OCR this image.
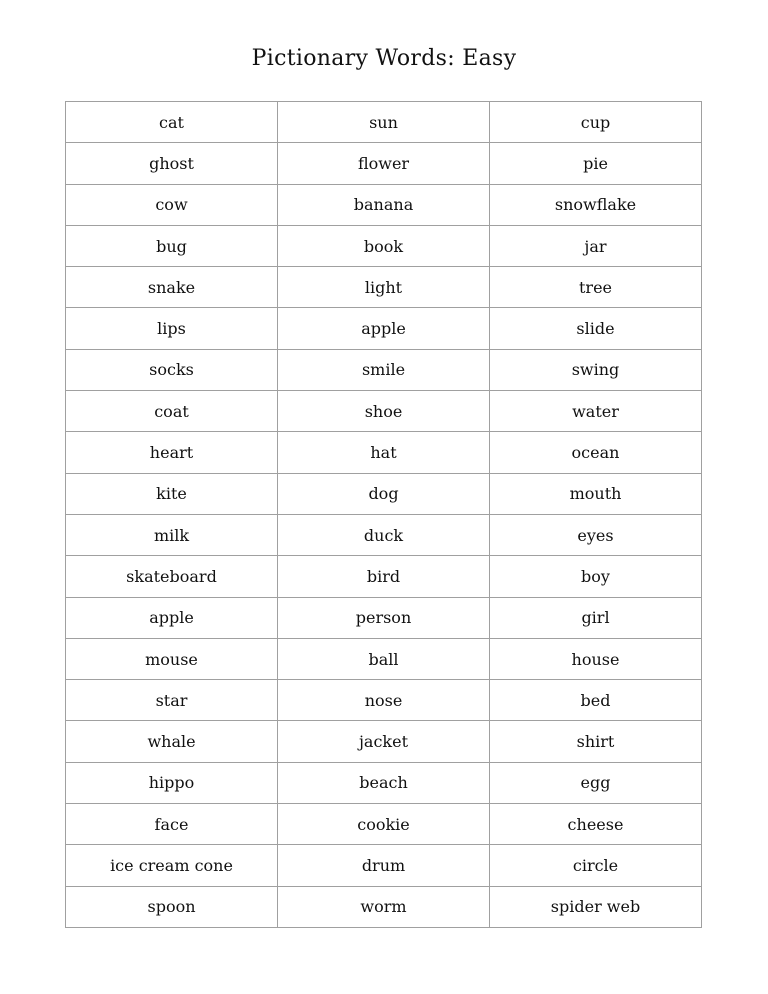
Pictionary Words: Easy
cat	sun	cup
ghost	flower	pie
cow	banana	snowflake
bug	book	jar
snake	light	tree
lips	apple	slide
socks	smile	swing
coat	shoe	water
heart	hat	ocean
kite	dog	mouth
milk	duck	eyes
skateboard	bird	boy
apple	person	girl
mouse	ball	house
star	nose	bed
whale	jacket	shirt
hippo	beach	egg
face	cookie	cheese
ice cream cone	drum	circle
spoon	worm	spider web
